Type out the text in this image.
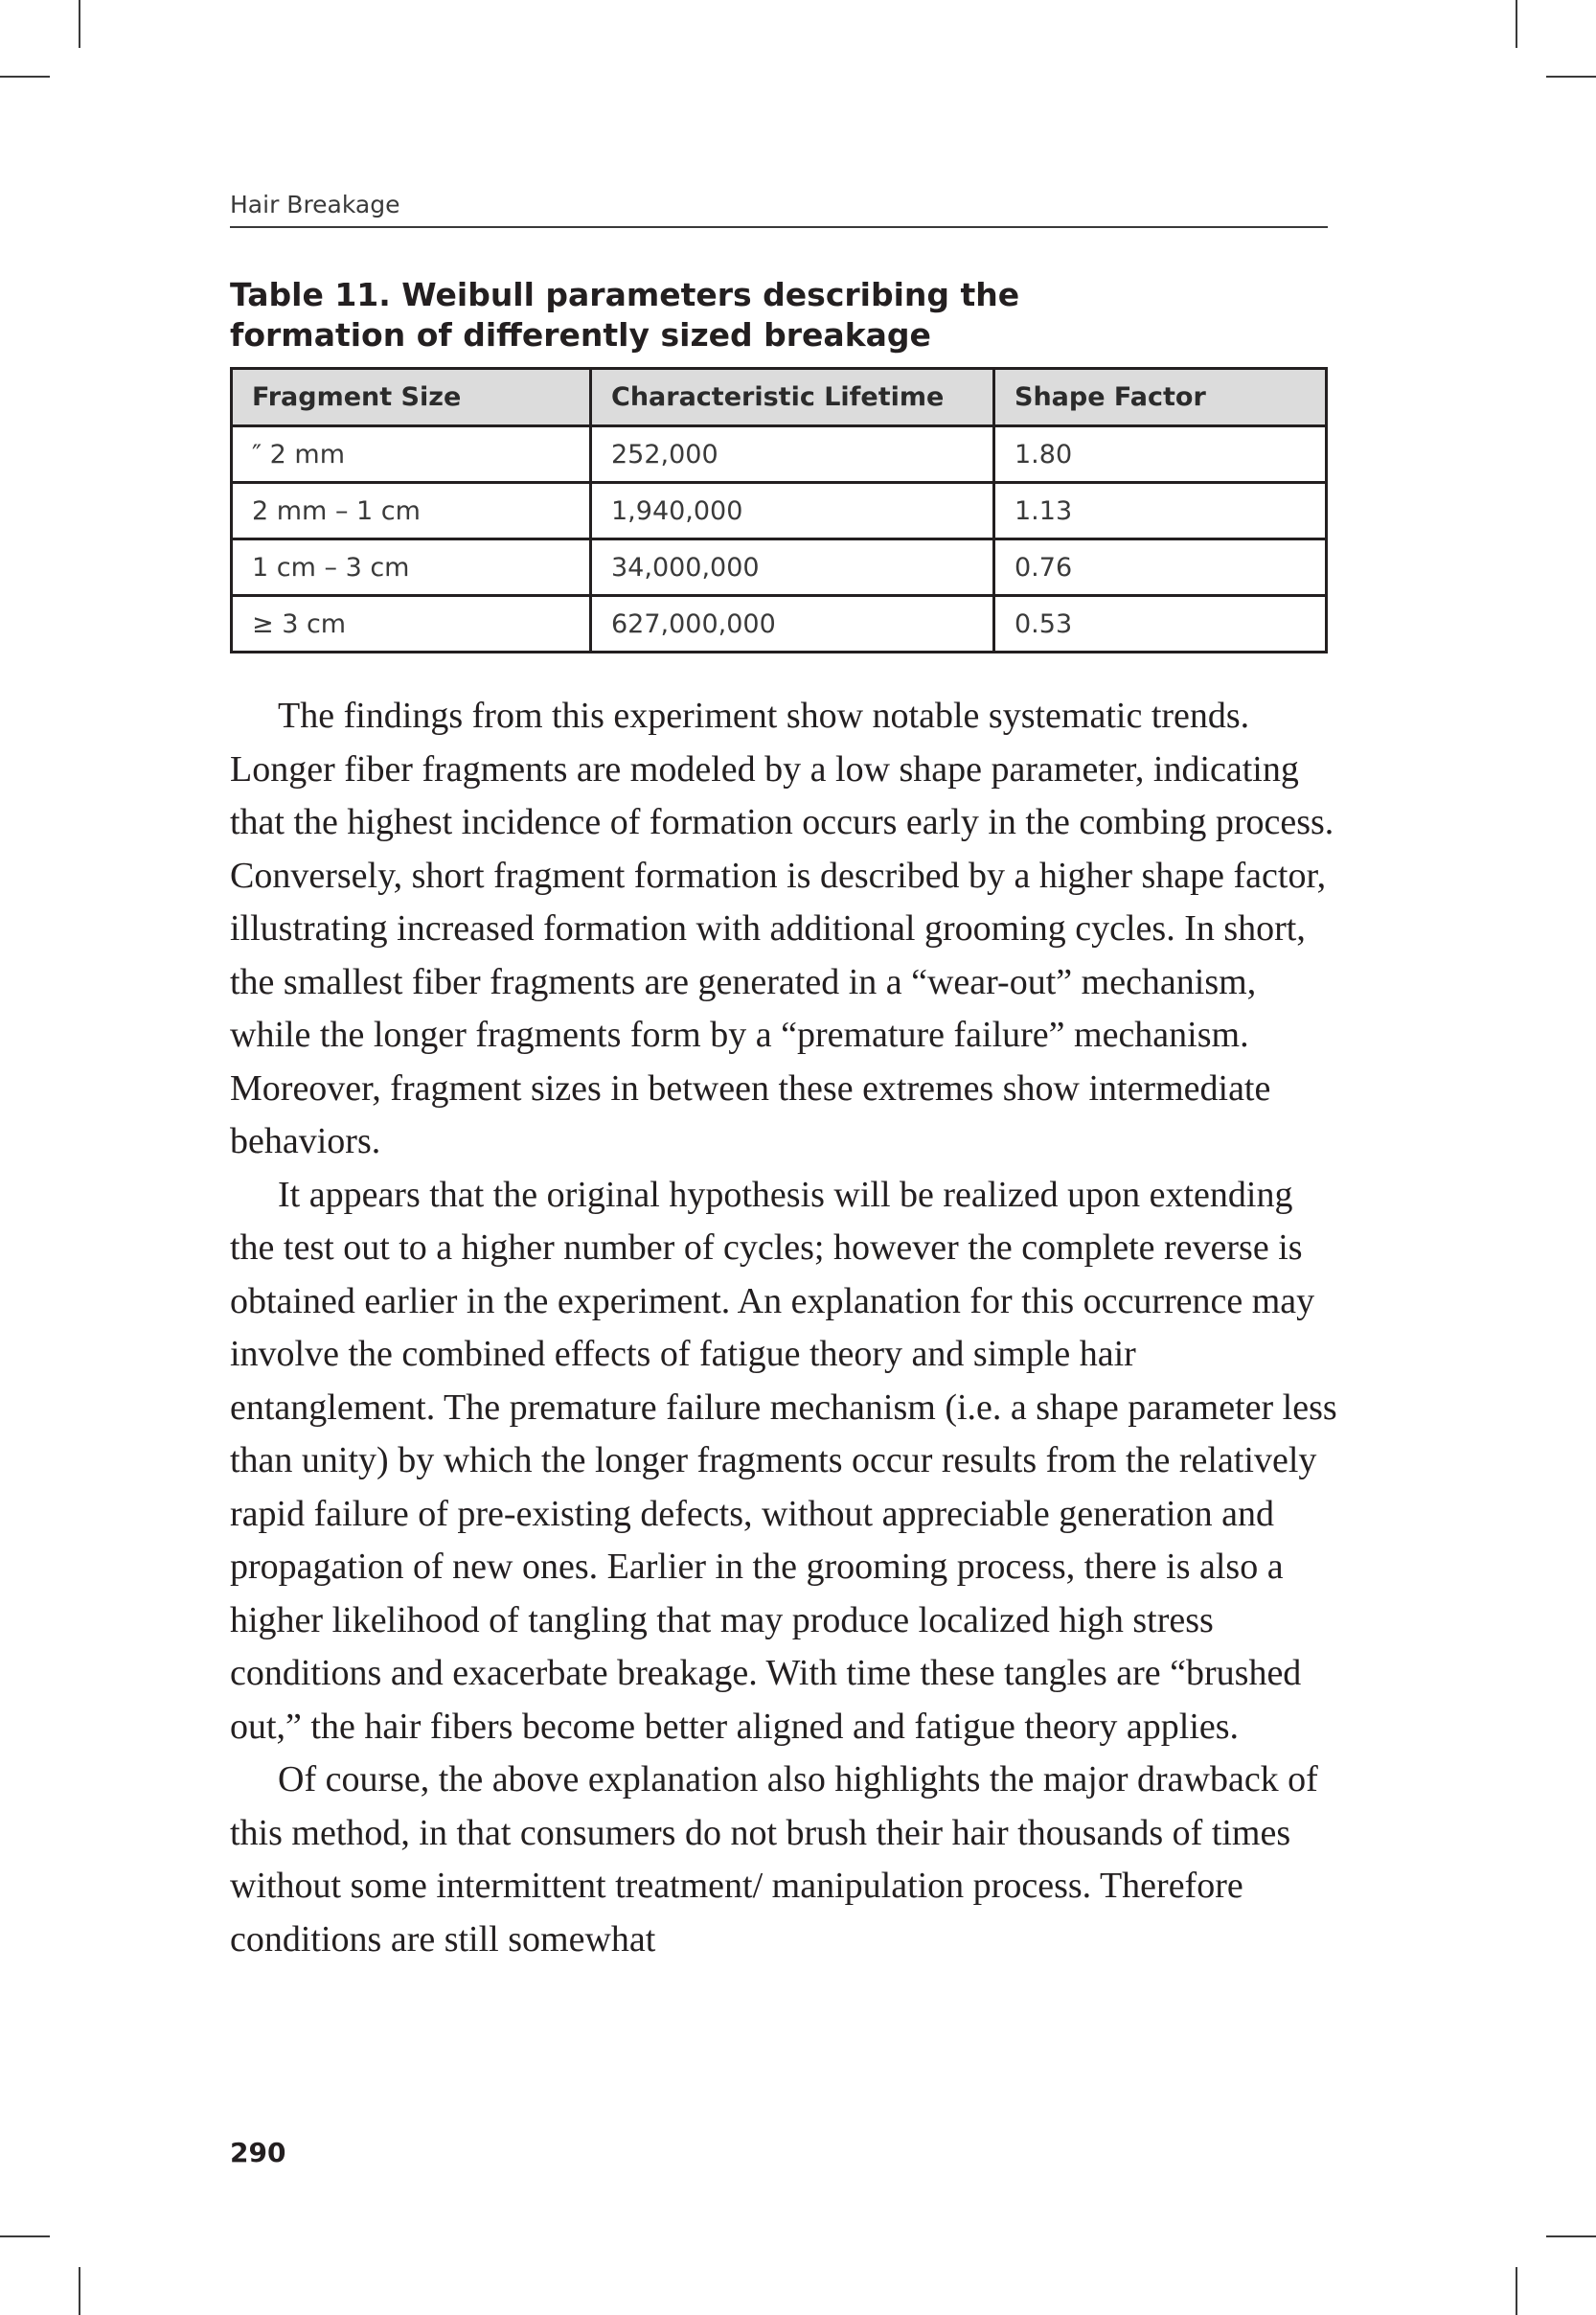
Hair Breakage
Table 11. Weibull parameters describing the formation of differently sized breakage
Fragment Size	Characteristic Lifetime	Shape Factor
″ 2 mm	252,000	1.80
2 mm – 1 cm	1,940,000	1.13
1 cm – 3 cm	34,000,000	0.76
≥ 3 cm	627,000,000	0.53

The findings from this experiment show notable systematic trends. Longer fiber fragments are modeled by a low shape parameter, indicating that the highest incidence of formation occurs early in the combing process. Conversely, short fragment formation is described by a higher shape factor, illustrating increased formation with additional grooming cycles. In short, the smallest fiber fragments are generated in a “wear-out” mechanism, while the longer fragments form by a “premature failure” mechanism. Moreover, fragment sizes in between these extremes show intermediate behaviors.

It appears that the original hypothesis will be realized upon extending the test out to a higher number of cycles; however the complete reverse is obtained earlier in the experiment. An explanation for this occurrence may involve the combined effects of fatigue theory and simple hair entanglement. The premature failure mechanism (i.e. a shape parameter less than unity) by which the longer fragments occur results from the relatively rapid failure of pre-existing defects, without appreciable generation and propagation of new ones. Earlier in the grooming process, there is also a higher likelihood of tangling that may produce localized high stress conditions and exacerbate breakage. With time these tangles are “brushed out,” the hair fibers become better aligned and fatigue theory applies.

Of course, the above explanation also highlights the major drawback of this method, in that consumers do not brush their hair thousands of times without some intermittent treatment/ manipulation process. Therefore conditions are still somewhat

290
